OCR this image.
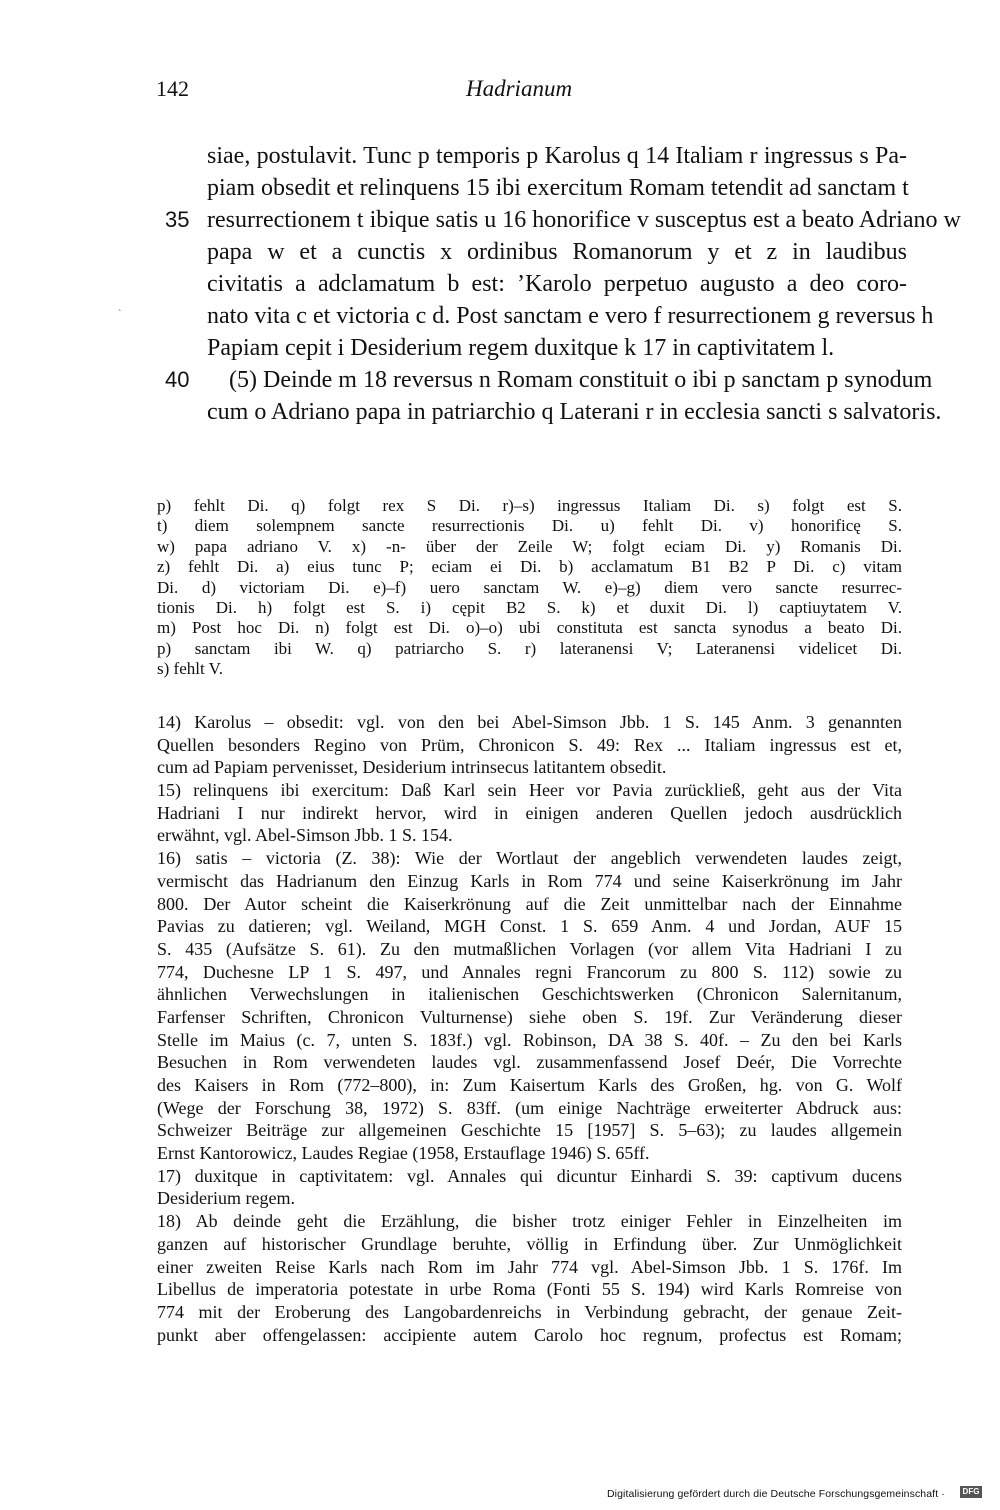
142	Hadrianum
ˋ
siae, postulavit. Tunc p temporis p Karolus q 14 Italiam r ingressus s Pa-
piam obsedit et relinquens 15 ibi exercitum Romam tetendit ad sanctam t
35 resurrectionem t ibique satis u 16 honorifice v susceptus est a beato Adriano w
papa w et a cunctis x ordinibus Romanorum y et z in laudibus
civitatis a adclamatum b est: ’Karolo perpetuo augusto a deo coro-
nato vita c et victoria c d. Post sanctam e vero f resurrectionem g reversus h
Papiam cepit i Desiderium regem duxitque k 17 in captivitatem l.
40 (5) Deinde m 18 reversus n Romam constituit o ibi p sanctam p synodum
cum o Adriano papa in patriarchio q Laterani r in ecclesia sancti s salvatoris.
p) fehlt Di. q) folgt rex S Di. r)–s) ingressus Italiam Di. s) folgt est S.
t) diem solempnem sancte resurrectionis Di. u) fehlt Di. v) honorificę S.
w) papa adriano V. x) -n- über der Zeile W; folgt eciam Di. y) Romanis Di.
z) fehlt Di. a) eius tunc P; eciam ei Di. b) acclamatum B1 B2 P Di. c) vitam
Di. d) victoriam Di. e)–f) uero sanctam W. e)–g) diem vero sancte resurrec-
tionis Di. h) folgt est S. i) cępit B2 S. k) et duxit Di. l) captiuytatem V.
m) Post hoc Di. n) folgt est Di. o)–o) ubi constituta est sancta synodus a beato Di.
p) sanctam ibi W. q) patriarcho S. r) lateranensi V; Lateranensi videlicet Di.
s) fehlt V.
14) Karolus – obsedit: vgl. von den bei Abel-Simson Jbb. 1 S. 145 Anm. 3 genannten
Quellen besonders Regino von Prüm, Chronicon S. 49: Rex ... Italiam ingressus est et,
cum ad Papiam pervenisset, Desiderium intrinsecus latitantem obsedit.
15) relinquens ibi exercitum: Daß Karl sein Heer vor Pavia zurückließ, geht aus der Vita
Hadriani I nur indirekt hervor, wird in einigen anderen Quellen jedoch ausdrücklich
erwähnt, vgl. Abel-Simson Jbb. 1 S. 154.
16) satis – victoria (Z. 38): Wie der Wortlaut der angeblich verwendeten laudes zeigt,
vermischt das Hadrianum den Einzug Karls in Rom 774 und seine Kaiserkrönung im Jahr
800. Der Autor scheint die Kaiserkrönung auf die Zeit unmittelbar nach der Einnahme
Pavias zu datieren; vgl. Weiland, MGH Const. 1 S. 659 Anm. 4 und Jordan, AUF 15
S. 435 (Aufsätze S. 61). Zu den mutmaßlichen Vorlagen (vor allem Vita Hadriani I zu
774, Duchesne LP 1 S. 497, und Annales regni Francorum zu 800 S. 112) sowie zu
ähnlichen Verwechslungen in italienischen Geschichtswerken (Chronicon Salernitanum,
Farfenser Schriften, Chronicon Vulturnense) siehe oben S. 19f. Zur Veränderung dieser
Stelle im Maius (c. 7, unten S. 183f.) vgl. Robinson, DA 38 S. 40f. – Zu den bei Karls
Besuchen in Rom verwendeten laudes vgl. zusammenfassend Josef Deér, Die Vorrechte
des Kaisers in Rom (772–800), in: Zum Kaisertum Karls des Großen, hg. von G. Wolf
(Wege der Forschung 38, 1972) S. 83ff. (um einige Nachträge erweiterter Abdruck aus:
Schweizer Beiträge zur allgemeinen Geschichte 15 [1957] S. 5–63); zu laudes allgemein
Ernst Kantorowicz, Laudes Regiae (1958, Erstauflage 1946) S. 65ff.
17) duxitque in captivitatem: vgl. Annales qui dicuntur Einhardi S. 39: captivum ducens
Desiderium regem.
18) Ab deinde geht die Erzählung, die bisher trotz einiger Fehler in Einzelheiten im
ganzen auf historischer Grundlage beruhte, völlig in Erfindung über. Zur Unmöglichkeit
einer zweiten Reise Karls nach Rom im Jahr 774 vgl. Abel-Simson Jbb. 1 S. 176f. Im
Libellus de imperatoria potestate in urbe Roma (Fonti 55 S. 194) wird Karls Romreise von
774 mit der Eroberung des Langobardenreichs in Verbindung gebracht, der genaue Zeit-
punkt aber offengelassen: accipiente autem Carolo hoc regnum, profectus est Romam;
Digitalisierung gefördert durch die Deutsche Forschungsgemeinschaft ·	DFG
